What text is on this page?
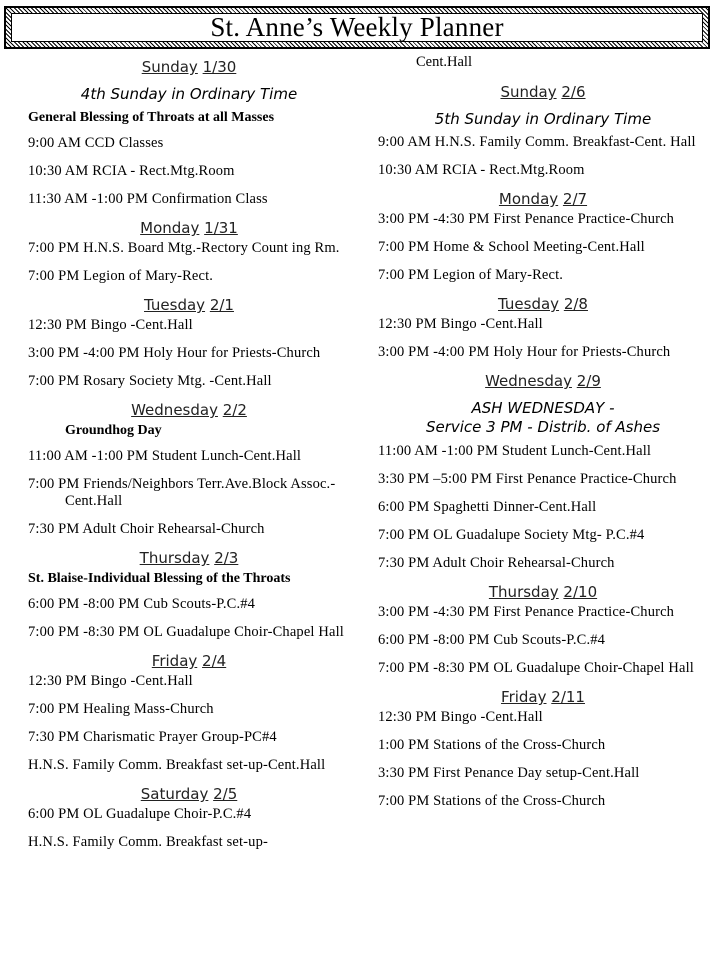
St. Anne’s Weekly Planner
Sunday 1/30
4th Sunday in Ordinary Time
General Blessing of Throats at all Masses
9:00 AM CCD Classes
10:30 AM RCIA - Rect.Mtg.Room
11:30 AM -1:00 PM Confirmation Class
Monday 1/31
7:00 PM H.N.S. Board Mtg.-Rectory Count ing Rm.
7:00 PM Legion of Mary-Rect.
Tuesday 2/1
12:30 PM Bingo -Cent.Hall
3:00 PM -4:00 PM Holy Hour for Priests-Church
7:00 PM Rosary Society Mtg. -Cent.Hall
Wednesday 2/2
Groundhog Day
11:00 AM -1:00 PM Student Lunch-Cent.Hall
7:00 PM Friends/Neighbors Terr.Ave.Block Assoc.-Cent.Hall
7:30 PM Adult Choir Rehearsal-Church
Thursday 2/3
St. Blaise-Individual Blessing of the Throats
6:00 PM -8:00 PM Cub Scouts-P.C.#4
7:00 PM -8:30 PM OL Guadalupe Choir-Chapel Hall
Friday 2/4
12:30 PM Bingo -Cent.Hall
7:00 PM Healing Mass-Church
7:30 PM Charismatic Prayer Group-PC#4
H.N.S. Family Comm. Breakfast set-up-Cent.Hall
Saturday 2/5
6:00 PM OL Guadalupe Choir-P.C.#4
H.N.S. Family Comm. Breakfast set-up-
Cent.Hall
Sunday 2/6
5th Sunday in Ordinary Time
9:00 AM H.N.S. Family Comm. Breakfast-Cent. Hall
10:30 AM RCIA - Rect.Mtg.Room
Monday 2/7
3:00 PM -4:30 PM First Penance Practice-Church
7:00 PM Home & School Meeting-Cent.Hall
7:00 PM Legion of Mary-Rect.
Tuesday 2/8
12:30 PM Bingo -Cent.Hall
3:00 PM -4:00 PM Holy Hour for Priests-Church
Wednesday 2/9
ASH WEDNESDAY -
Service 3 PM - Distrib. of Ashes
11:00 AM -1:00 PM Student Lunch-Cent.Hall
3:30 PM –5:00 PM First Penance Practice-Church
6:00 PM Spaghetti Dinner-Cent.Hall
7:00 PM OL Guadalupe Society Mtg- P.C.#4
7:30 PM Adult Choir Rehearsal-Church
Thursday 2/10
3:00 PM -4:30 PM First Penance Practice-Church
6:00 PM -8:00 PM Cub Scouts-P.C.#4
7:00 PM -8:30 PM OL Guadalupe Choir-Chapel Hall
Friday 2/11
12:30 PM Bingo -Cent.Hall
1:00 PM Stations of the Cross-Church
3:30 PM First Penance Day setup-Cent.Hall
7:00 PM Stations of the Cross-Church
